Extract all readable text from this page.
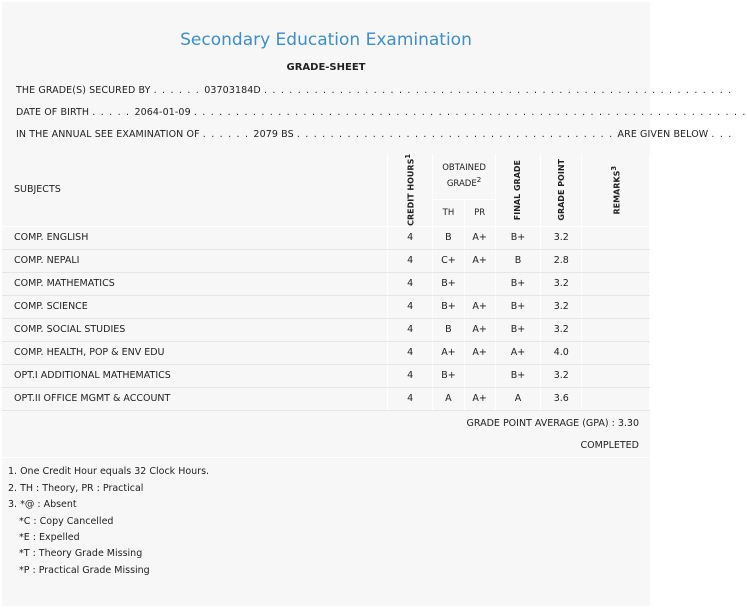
Secondary Education Examination
GRADE-SHEET
THE GRADE(S) SECURED BY . . . . . . 03703184D . . . . . . . . . . . . . . . . . . . . . . . . . . . . . . . . . . . . . . . . . . . . . . . . . . . . . . . .
DATE OF BIRTH . . . . . 2064-01-09 . . . . . . . . . . . . . . . . . . . . . . . . . . . . . . . . . . . . . . . . . . . . . . . . . . . . . . . . . . . . . . . . . .
IN THE ANNUAL SEE EXAMINATION OF . . . . . . 2079 BS . . . . . . . . . . . . . . . . . . . . . . . . . . . . . . . . . . . . . . ARE GIVEN BELOW . . .
SUBJECTS	CREDIT HOURS$^1$	OBTAINED GRADE$^2$		FINAL GRADE	GRADE POINT	REMARKS$^3$

		TH	PR			
COMP. ENGLISH	4	B	A+	B+	3.2	
COMP. NEPALI	4	C+	A+	B	2.8	
COMP. MATHEMATICS	4	B+		B+	3.2	
COMP. SCIENCE	4	B+	A+	B+	3.2	
COMP. SOCIAL STUDIES	4	B	A+	B+	3.2	
COMP. HEALTH, POP & ENV EDU	4	A+	A+	A+	4.0	
OPT.I ADDITIONAL MATHEMATICS	4	B+		B+	3.2	
OPT.II OFFICE MGMT & ACCOUNT	4	A	A+	A	3.6	
GRADE POINT AVERAGE (GPA) : 3.30
COMPLETED
1. One Credit Hour equals 32 Clock Hours.
2. TH : Theory, PR : Practical
3. *@ : Absent
*C : Copy Cancelled
*E : Expelled
*T : Theory Grade Missing
*P : Practical Grade Missing
